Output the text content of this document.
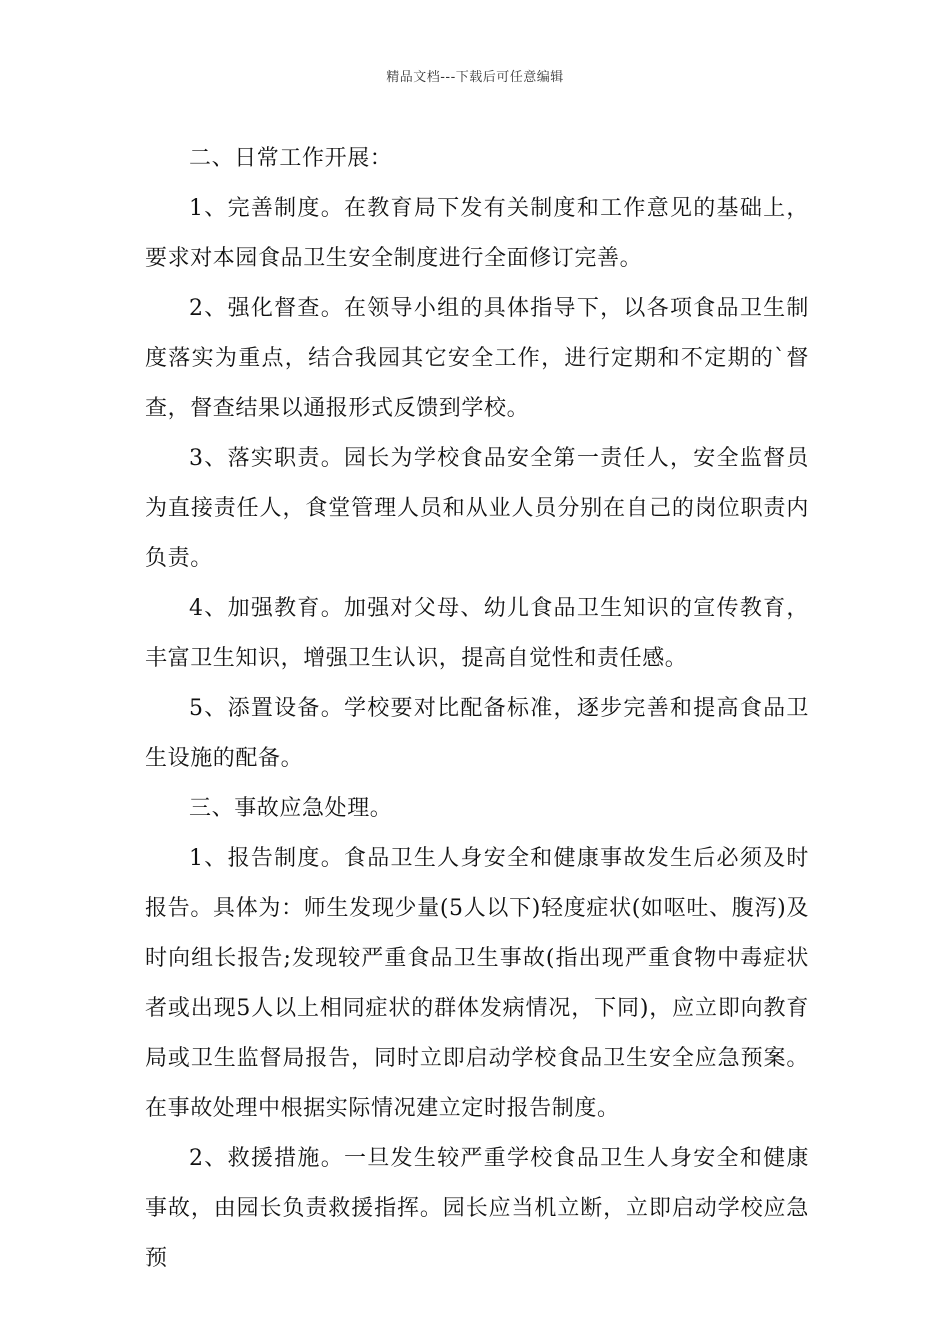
精品文档---下载后可任意编辑

二、日常工作开展：

1、完善制度。在教育局下发有关制度和工作意见的基础上，要求对本园食品卫生安全制度进行全面修订完善。

2、强化督查。在领导小组的具体指导下，以各项食品卫生制度落实为重点，结合我园其它安全工作，进行定期和不定期的`督查，督查结果以通报形式反馈到学校。

3、落实职责。园长为学校食品安全第一责任人，安全监督员为直接责任人，食堂管理人员和从业人员分别在自己的岗位职责内负责。

4、加强教育。加强对父母、幼儿食品卫生知识的宣传教育，丰富卫生知识，增强卫生认识，提高自觉性和责任感。

5、添置设备。学校要对比配备标准，逐步完善和提高食品卫生设施的配备。

三、事故应急处理。

1、报告制度。食品卫生人身安全和健康事故发生后必须及时报告。具体为：师生发现少量(5人以下)轻度症状(如呕吐、腹泻)及时向组长报告;发现较严重食品卫生事故(指出现严重食物中毒症状者或出现5人以上相同症状的群体发病情况，下同)，应立即向教育局或卫生监督局报告，同时立即启动学校食品卫生安全应急预案。在事故处理中根据实际情况建立定时报告制度。

2、救援措施。一旦发生较严重学校食品卫生人身安全和健康事故，由园长负责救援指挥。园长应当机立断，立即启动学校应急预
